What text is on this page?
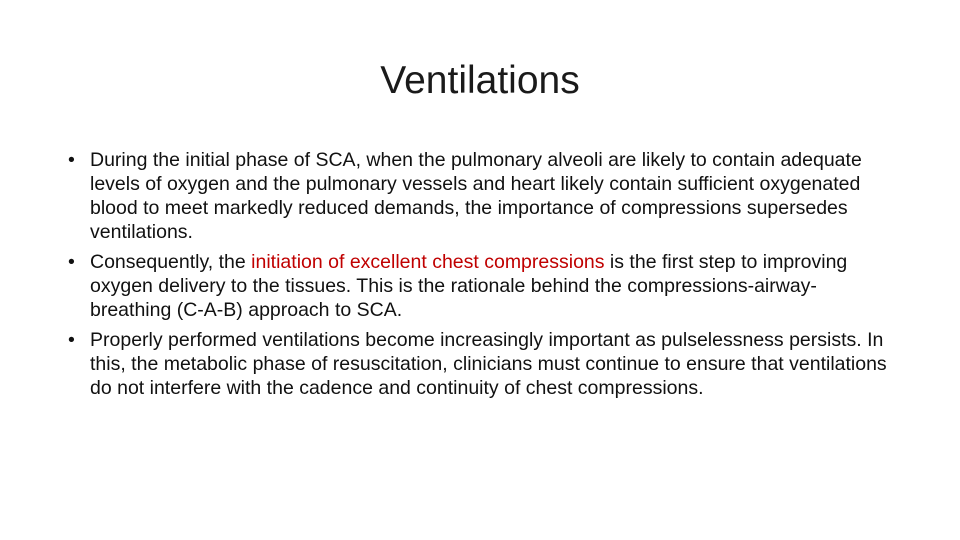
Ventilations
• During the initial phase of SCA, when the pulmonary alveoli are likely to contain adequate levels of oxygen and the pulmonary vessels and heart likely contain sufficient oxygenated blood to meet markedly reduced demands, the importance of compressions supersedes ventilations.
• Consequently, the initiation of excellent chest compressions is the first step to improving oxygen delivery to the tissues. This is the rationale behind the compressions-airway-breathing (C-A-B) approach to SCA.
• Properly performed ventilations become increasingly important as pulselessness persists. In this, the metabolic phase of resuscitation, clinicians must continue to ensure that ventilations do not interfere with the cadence and continuity of chest compressions.
